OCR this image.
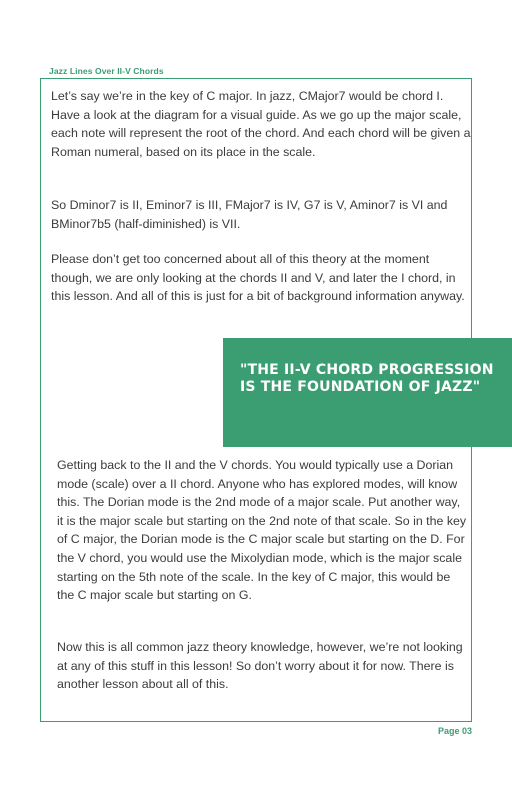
Jazz Lines Over II-V Chords

Let’s say we’re in the key of C major. In jazz, CMajor7 would be chord I. Have a look at the diagram for a visual guide. As we go up the major scale, each note will represent the root of the chord. And each chord will be given a Roman numeral, based on its place in the scale.

So Dminor7 is II, Eminor7 is III, FMajor7 is IV, G7 is V, Aminor7 is VI and BMinor7b5 (half-diminished) is VII.

Please don’t get too concerned about all of this theory at the moment though, we are only looking at the chords II and V, and later the I chord, in this lesson. And all of this is just for a bit of background information anyway.

"THE II-V CHORD PROGRESSION IS THE FOUNDATION OF JAZZ"

Getting back to the II and the V chords. You would typically use a Dorian mode (scale) over a II chord. Anyone who has explored modes, will know this. The Dorian mode is the 2nd mode of a major scale. Put another way, it is the major scale but starting on the 2nd note of that scale. So in the key of C major, the Dorian mode is the C major scale but starting on the D. For the V chord, you would use the Mixolydian mode, which is the major scale starting on the 5th note of the scale. In the key of C major, this would be the C major scale but starting on G.

Now this is all common jazz theory knowledge, however, we’re not looking at any of this stuff in this lesson! So don’t worry about it for now. There is another lesson about all of this.

Page 03
